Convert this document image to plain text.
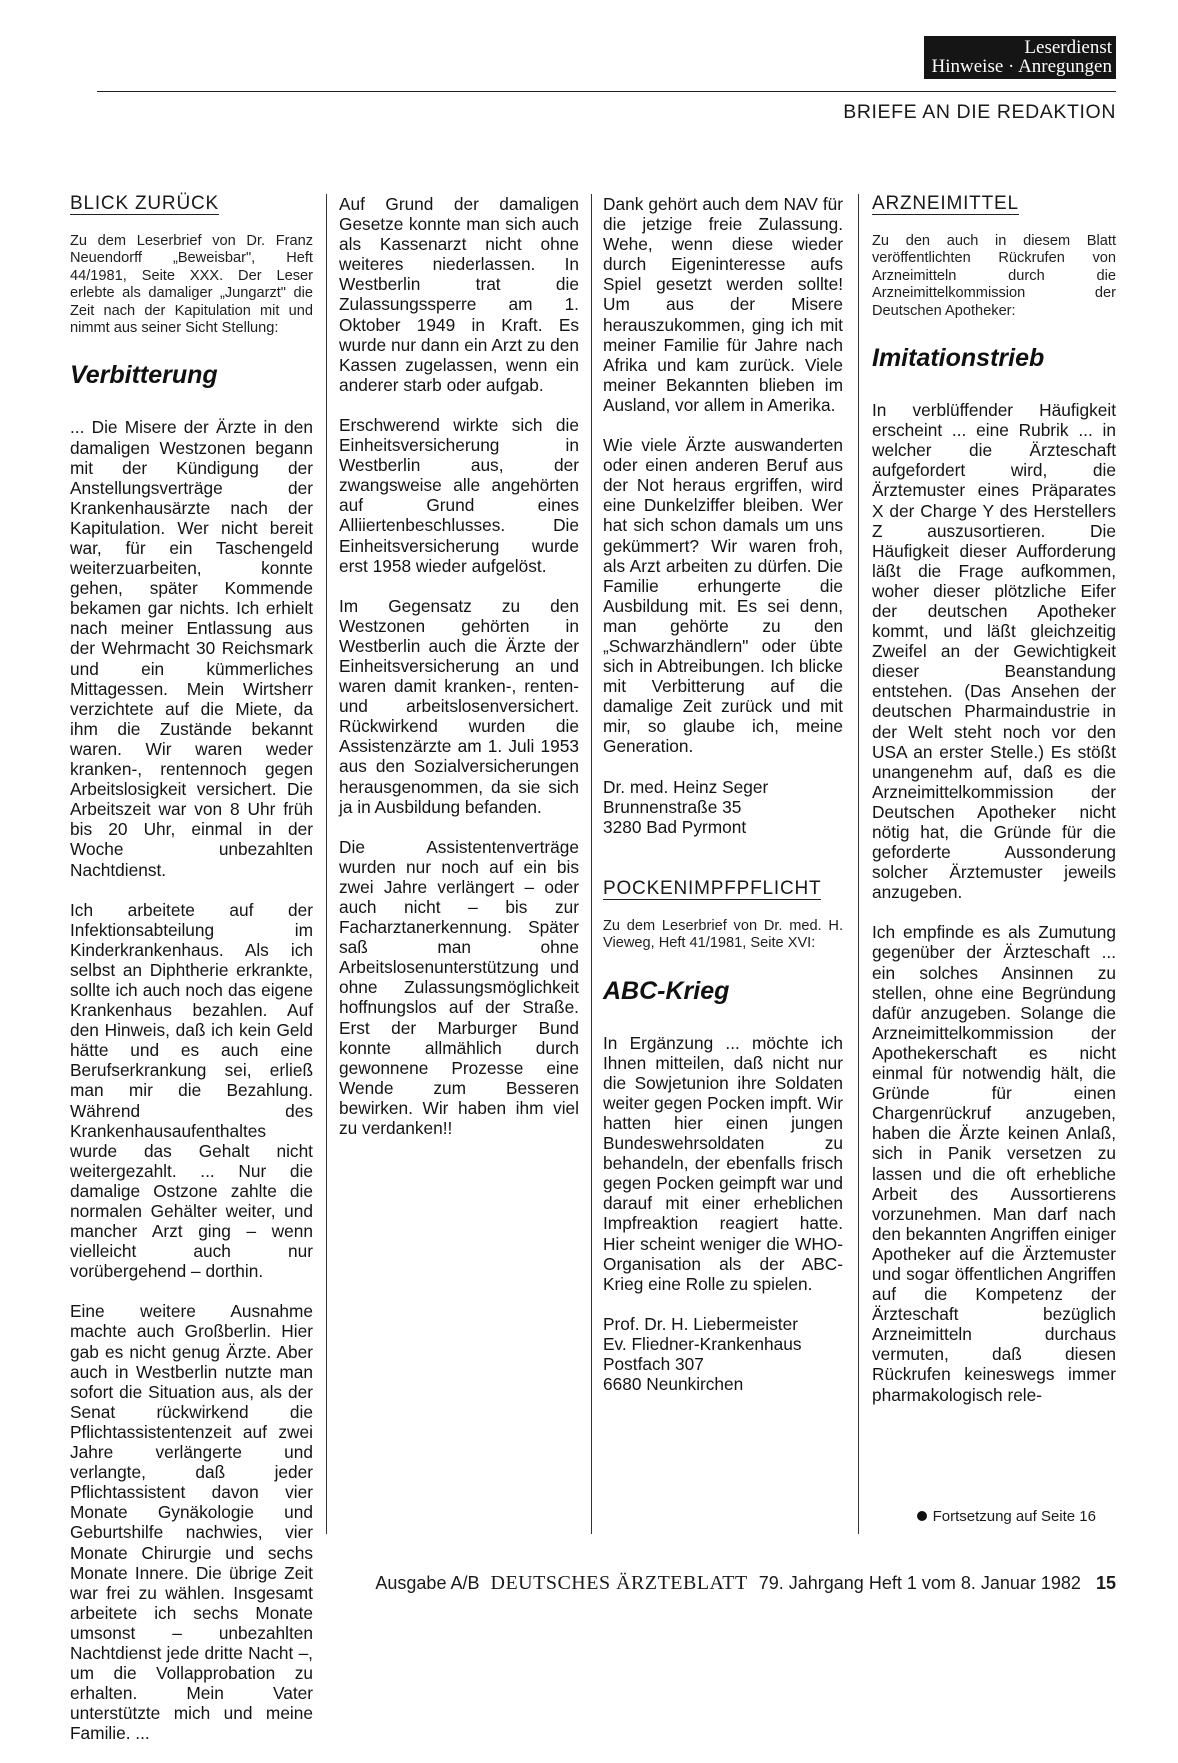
Leserdienst
Hinweise · Anregungen
BRIEFE AN DIE REDAKTION
BLICK ZURÜCK

Zu dem Leserbrief von Dr. Franz Neuendorff „Beweisbar", Heft 44/1981, Seite XXX. Der Leser erlebte als damaliger „Jungarzt" die Zeit nach der Kapitulation mit und nimmt aus seiner Sicht Stellung:

Verbitterung

... Die Misere der Ärzte in den damaligen Westzonen begann mit der Kündigung der Anstellungsverträge der Krankenhausärzte nach der Kapitulation. Wer nicht bereit war, für ein Taschengeld weiterzuarbeiten, konnte gehen, später Kommende bekamen gar nichts. Ich erhielt nach meiner Entlassung aus der Wehrmacht 30 Reichsmark und ein kümmerliches Mittagessen. Mein Wirtsherr verzichtete auf die Miete, da ihm die Zustände bekannt waren. Wir waren weder kranken-, rentennoch gegen Arbeitslosigkeit versichert. Die Arbeitszeit war von 8 Uhr früh bis 20 Uhr, einmal in der Woche unbezahlten Nachtdienst.

Ich arbeitete auf der Infektionsabteilung im Kinderkrankenhaus. Als ich selbst an Diphtherie erkrankte, sollte ich auch noch das eigene Krankenhaus bezahlen. Auf den Hinweis, daß ich kein Geld hätte und es auch eine Berufserkrankung sei, erließ man mir die Bezahlung. Während des Krankenhausaufenthaltes wurde das Gehalt nicht weitergezahlt. ... Nur die damalige Ostzone zahlte die normalen Gehälter weiter, und mancher Arzt ging – wenn vielleicht auch nur vorübergehend – dorthin.

Eine weitere Ausnahme machte auch Großberlin. Hier gab es nicht genug Ärzte. Aber auch in Westberlin nutzte man sofort die Situation aus, als der Senat rückwirkend die Pflichtassistentenzeit auf zwei Jahre verlängerte und verlangte, daß jeder Pflichtassistent davon vier Monate Gynäkologie und Geburtshilfe nachwies, vier Monate Chirurgie und sechs Monate Innere. Die übrige Zeit war frei zu wählen. Insgesamt arbeitete ich sechs Monate umsonst – unbezahlten Nachtdienst jede dritte Nacht –, um die Vollapprobation zu erhalten. Mein Vater unterstützte mich und meine Familie. ...

Auf Grund der damaligen Gesetze konnte man sich auch als Kassenarzt nicht ohne weiteres niederlassen. In Westberlin trat die Zulassungssperre am 1. Oktober 1949 in Kraft. Es wurde nur dann ein Arzt zu den Kassen zugelassen, wenn ein anderer starb oder aufgab.

Erschwerend wirkte sich die Einheitsversicherung in Westberlin aus, der zwangsweise alle angehörten auf Grund eines Alliiertenbeschlusses. Die Einheitsversicherung wurde erst 1958 wieder aufgelöst.

Im Gegensatz zu den Westzonen gehörten in Westberlin auch die Ärzte der Einheitsversicherung an und waren damit kranken-, renten- und arbeitslosenversichert. Rückwirkend wurden die Assistenzärzte am 1. Juli 1953 aus den Sozialversicherungen herausgenommen, da sie sich ja in Ausbildung befanden.

Die Assistentenverträge wurden nur noch auf ein bis zwei Jahre verlängert – oder auch nicht – bis zur Facharztanerkennung. Später saß man ohne Arbeitslosenunterstützung und ohne Zulassungsmöglichkeit hoffnungslos auf der Straße. Erst der Marburger Bund konnte allmählich durch gewonnene Prozesse eine Wende zum Besseren bewirken. Wir haben ihm viel zu verdanken!!

Dank gehört auch dem NAV für die jetzige freie Zulassung. Wehe, wenn diese wieder durch Eigeninteresse aufs Spiel gesetzt werden sollte! Um aus der Misere herauszukommen, ging ich mit meiner Familie für Jahre nach Afrika und kam zurück. Viele meiner Bekannten blieben im Ausland, vor allem in Amerika.

Wie viele Ärzte auswanderten oder einen anderen Beruf aus der Not heraus ergriffen, wird eine Dunkelziffer bleiben. Wer hat sich schon damals um uns gekümmert? Wir waren froh, als Arzt arbeiten zu dürfen. Die Familie erhungerte die Ausbildung mit. Es sei denn, man gehörte zu den „Schwarzhändlern" oder übte sich in Abtreibungen. Ich blicke mit Verbitterung auf die damalige Zeit zurück und mit mir, so glaube ich, meine Generation.

Dr. med. Heinz Seger
Brunnenstraße 35
3280 Bad Pyrmont
POCKENIMPFPFLICHT

Zu dem Leserbrief von Dr. med. H. Vieweg, Heft 41/1981, Seite XVI:

ABC-Krieg

In Ergänzung ... möchte ich Ihnen mitteilen, daß nicht nur die Sowjetunion ihre Soldaten weiter gegen Pocken impft. Wir hatten hier einen jungen Bundeswehrsoldaten zu behandeln, der ebenfalls frisch gegen Pocken geimpft war und darauf mit einer erheblichen Impfreaktion reagiert hatte. Hier scheint weniger die WHO-Organisation als der ABC-Krieg eine Rolle zu spielen.

Prof. Dr. H. Liebermeister
Ev. Fliedner-Krankenhaus
Postfach 307
6680 Neunkirchen
ARZNEIMITTEL

Zu den auch in diesem Blatt veröffentlichten Rückrufen von Arzneimitteln durch die Arzneimittelkommission der Deutschen Apotheker:

Imitationstrieb

In verblüffender Häufigkeit erscheint ... eine Rubrik ... in welcher die Ärzteschaft aufgefordert wird, die Ärztemuster eines Präparates X der Charge Y des Herstellers Z auszusortieren. Die Häufigkeit dieser Aufforderung läßt die Frage aufkommen, woher dieser plötzliche Eifer der deutschen Apotheker kommt, und läßt gleichzeitig Zweifel an der Gewichtigkeit dieser Beanstandung entstehen. (Das Ansehen der deutschen Pharmaindustrie in der Welt steht noch vor den USA an erster Stelle.) Es stößt unangenehm auf, daß es die Arzneimittelkommission der Deutschen Apotheker nicht nötig hat, die Gründe für die geforderte Aussonderung solcher Ärztemuster jeweils anzugeben.

Ich empfinde es als Zumutung gegenüber der Ärzteschaft ... ein solches Ansinnen zu stellen, ohne eine Begründung dafür anzugeben. Solange die Arzneimittelkommission der Apothekerschaft es nicht einmal für notwendig hält, die Gründe für einen Chargenrückruf anzugeben, haben die Ärzte keinen Anlaß, sich in Panik versetzen zu lassen und die oft erhebliche Arbeit des Aussortierens vorzunehmen. Man darf nach den bekannten Angriffen einiger Apotheker auf die Ärztemuster und sogar öffentlichen Angriffen auf die Kompetenz der Ärzteschaft bezüglich Arzneimitteln durchaus vermuten, daß diesen Rückrufen keineswegs immer pharmakologisch rele-

Fortsetzung auf Seite 16
Ausgabe A/B DEUTSCHES ÄRZTEBLATT 79. Jahrgang Heft 1 vom 8. Januar 1982 15
